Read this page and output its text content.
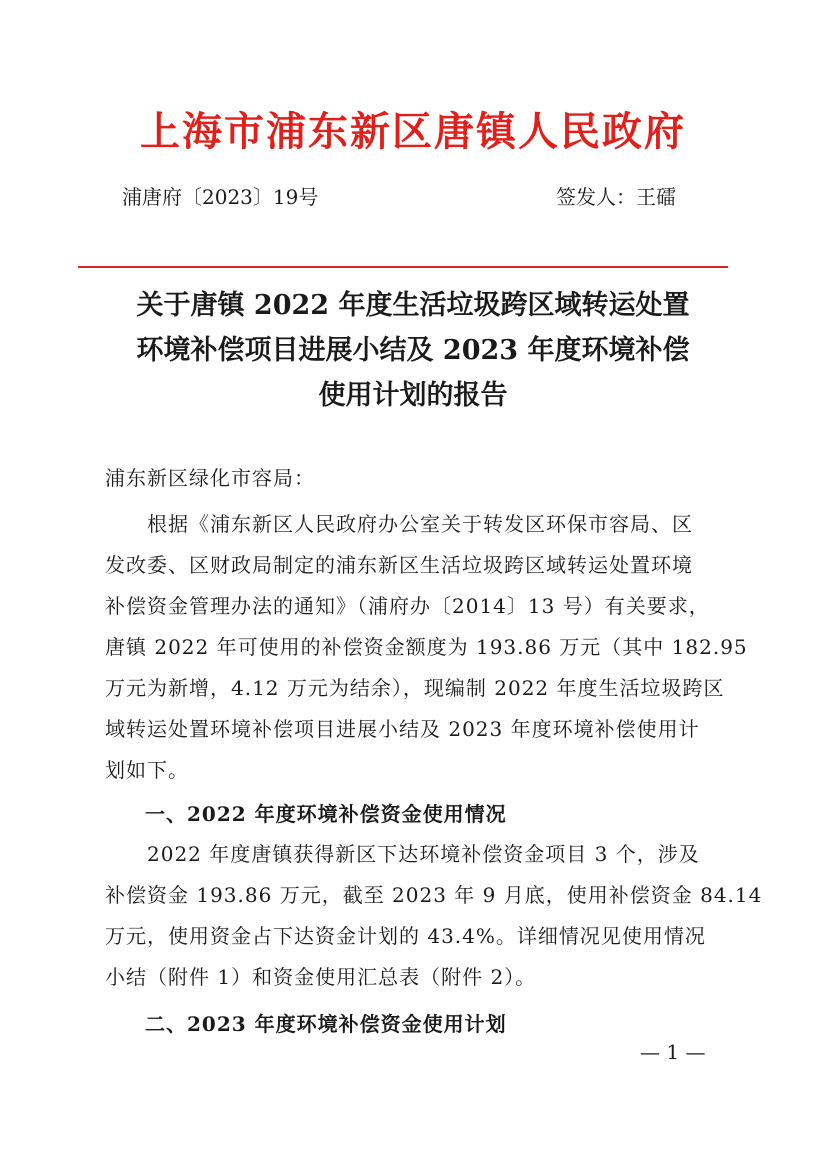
上海市浦东新区唐镇人民政府
浦唐府〔2023〕19号	签发人：王礌
关于唐镇 2022 年度生活垃圾跨区域转运处置
环境补偿项目进展小结及 2023 年度环境补偿
使用计划的报告
浦东新区绿化市容局：
　　根据《浦东新区人民政府办公室关于转发区环保市容局、区
发改委、区财政局制定的浦东新区生活垃圾跨区域转运处置环境
补偿资金管理办法的通知》（浦府办〔2014〕13 号）有关要求，
唐镇 2022 年可使用的补偿资金额度为 193.86 万元（其中 182.95
万元为新增，4.12 万元为结余），现编制 2022 年度生活垃圾跨区
域转运处置环境补偿项目进展小结及 2023 年度环境补偿使用计
划如下。
一、2022 年度环境补偿资金使用情况
　　2022 年度唐镇获得新区下达环境补偿资金项目 3 个，涉及
补偿资金 193.86 万元，截至 2023 年 9 月底，使用补偿资金 84.14
万元，使用资金占下达资金计划的 43.4%。详细情况见使用情况
小结（附件 1）和资金使用汇总表（附件 2）。
二、2023 年度环境补偿资金使用计划
— 1 —
